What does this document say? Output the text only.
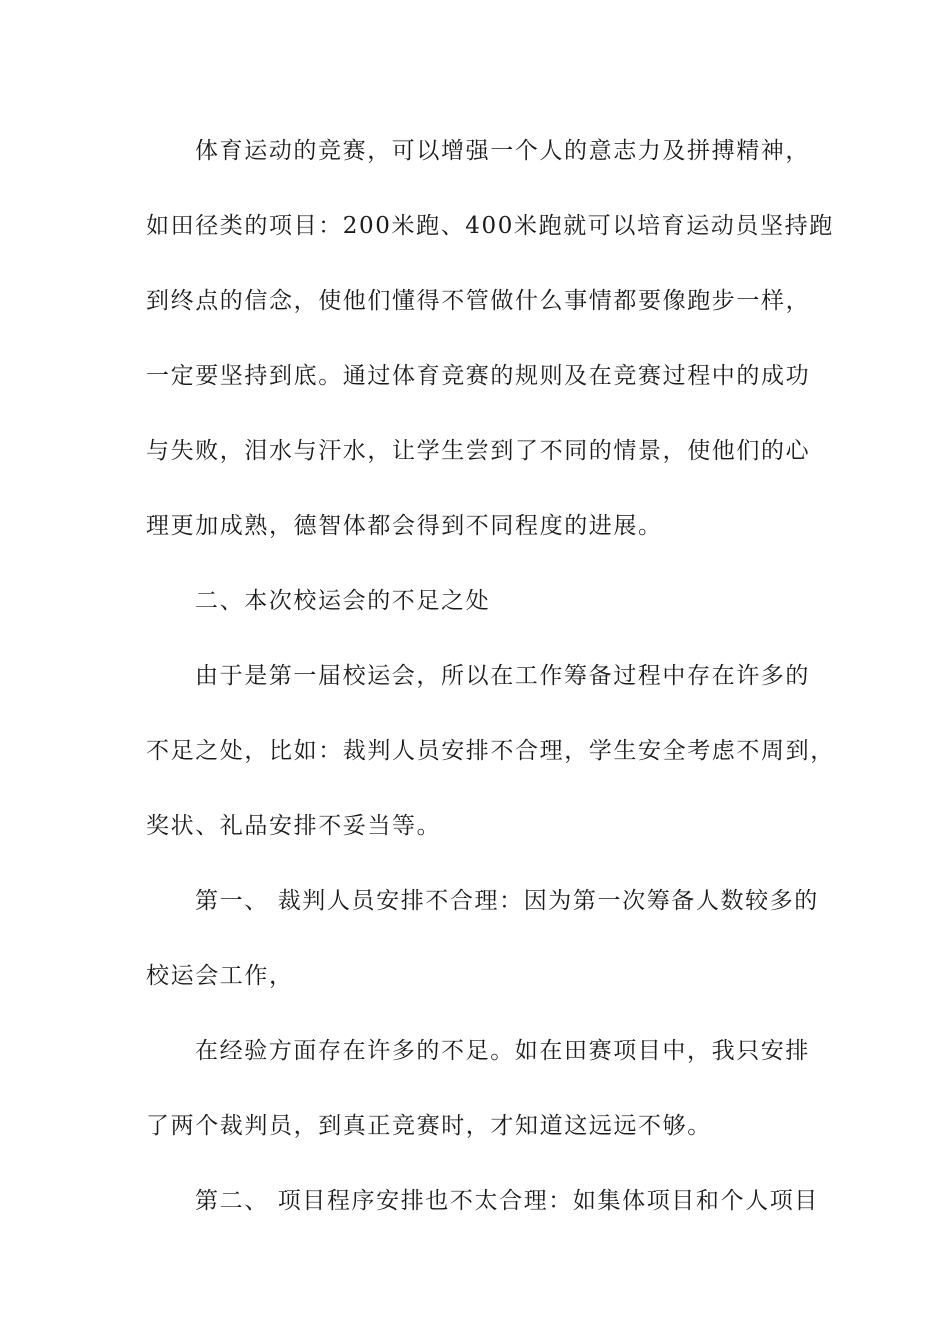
体育运动的竞赛，可以增强一个人的意志力及拼搏精神，
如田径类的项目：200米跑、400米跑就可以培育运动员坚持跑
到终点的信念，使他们懂得不管做什么事情都要像跑步一样，
一定要坚持到底。通过体育竞赛的规则及在竞赛过程中的成功
与失败，泪水与汗水，让学生尝到了不同的情景，使他们的心
理更加成熟，德智体都会得到不同程度的进展。
二、本次校运会的不足之处
由于是第一届校运会，所以在工作筹备过程中存在许多的
不足之处，比如：裁判人员安排不合理，学生安全考虑不周到，
奖状、礼品安排不妥当等。
第一、 裁判人员安排不合理：因为第一次筹备人数较多的
校运会工作，
在经验方面存在许多的不足。如在田赛项目中，我只安排
了两个裁判员，到真正竞赛时，才知道这远远不够。
第二、 项目程序安排也不太合理：如集体项目和个人项目
